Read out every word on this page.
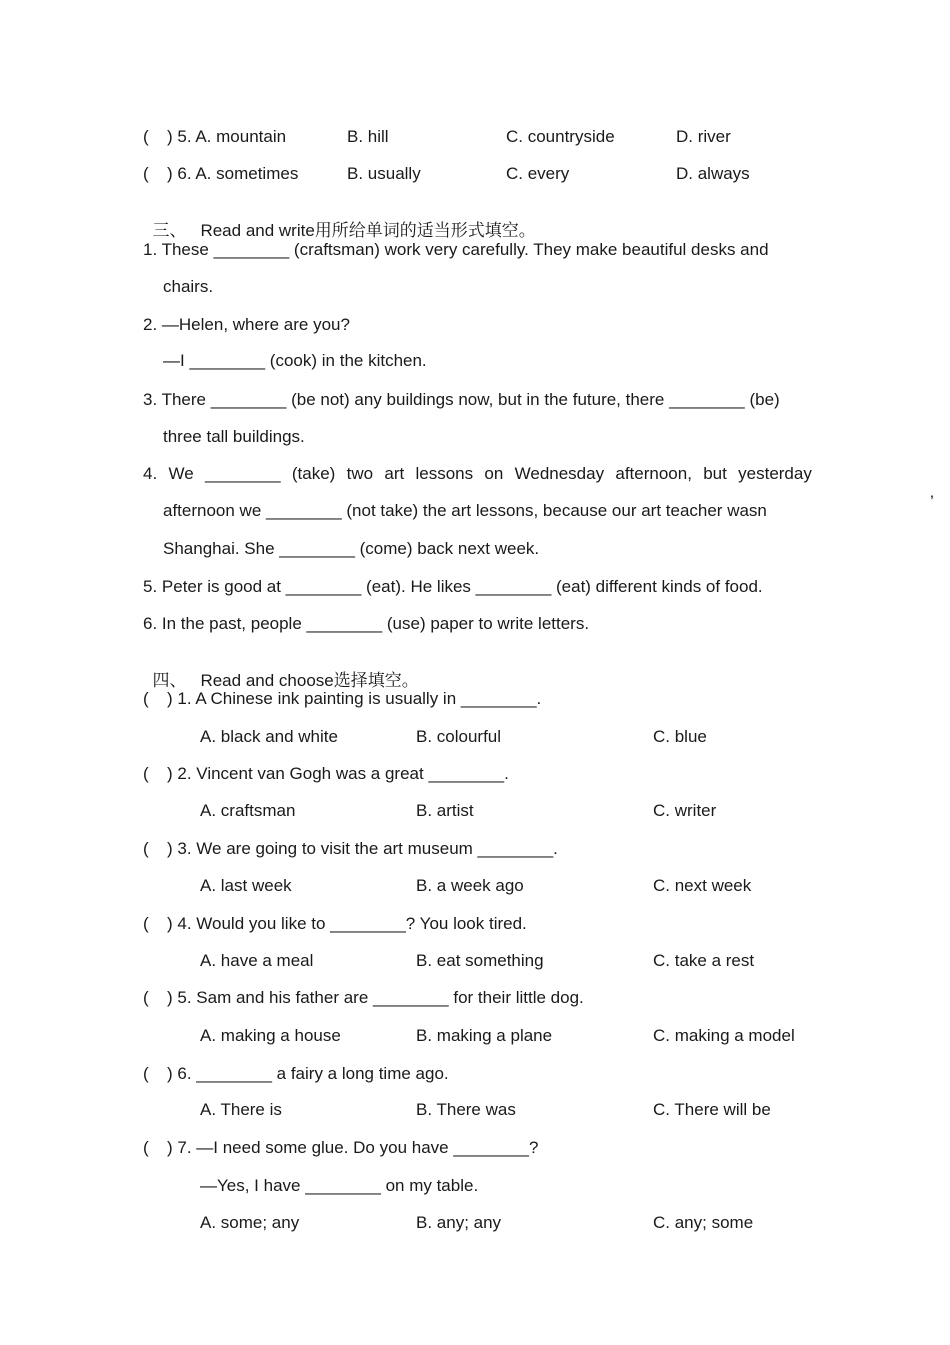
( ) 5. A. mountain	B. hill	C. countryside	D. river
( ) 6. A. sometimes	B. usually	C. every	D. always

三、 Read and write用所给单词的适当形式填空。

1. These ________ (craftsman) work very carefully. They make beautiful desks and
chairs.
2. —Helen, where are you?
—I ________ (cook) in the kitchen.
3. There ________ (be not) any buildings now, but in the future, there ________ (be)
three tall buildings.
4. We ________ (take) two art lessons on Wednesday afternoon, but yesterday
afternoon we ________ (not take) the art lessons, because our art teacher wasn	’
Shanghai. She ________ (come) back next week.
5. Peter is good at ________ (eat). He likes ________ (eat) different kinds of food.
6. In the past, people ________ (use) paper to write letters.

四、 Read and choose选择填空。

( ) 1. A Chinese ink painting is usually in ________.
A. black and white	B. colourful	C. blue
( ) 2. Vincent van Gogh was a great ________.
A. craftsman	B. artist	C. writer
( ) 3. We are going to visit the art museum ________.
A. last week	B. a week ago	C. next week
( ) 4. Would you like to ________? You look tired.
A. have a meal	B. eat something	C. take a rest
( ) 5. Sam and his father are ________ for their little dog.
A. making a house	B. making a plane	C. making a model
( ) 6. ________ a fairy a long time ago.
A. There is	B. There was	C. There will be
( ) 7. —I need some glue. Do you have ________?
—Yes, I have ________ on my table.
A. some; any	B. any; any	C. any; some
